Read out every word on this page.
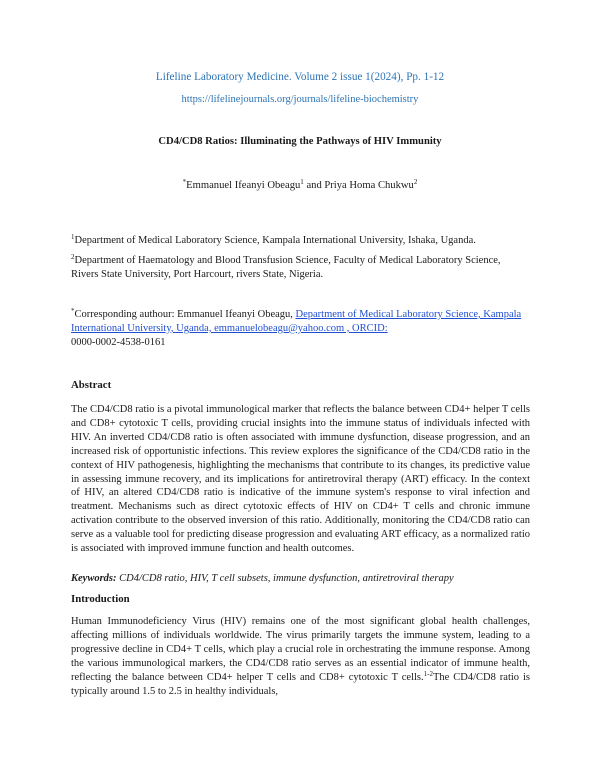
Lifeline Laboratory Medicine. Volume 2 issue 1(2024), Pp. 1-12
https://lifelinejournals.org/journals/lifeline-biochemistry
CD4/CD8 Ratios: Illuminating the Pathways of HIV Immunity
*Emmanuel Ifeanyi Obeagu$^1$ and Priya Homa Chukwu$^2$
$^1$Department of Medical Laboratory Science, Kampala International University, Ishaka, Uganda.
$^2$Department of Haematology and Blood Transfusion Science, Faculty of Medical Laboratory Science, Rivers State University, Port Harcourt, rivers State, Nigeria.
*Corresponding authour: Emmanuel Ifeanyi Obeagu, Department of Medical Laboratory Science, Kampala International University, Uganda, emmanuelobeagu@yahoo.com , ORCID:
0000-0002-4538-0161
Abstract

The CD4/CD8 ratio is a pivotal immunological marker that reflects the balance between CD4+ helper T cells and CD8+ cytotoxic T cells, providing crucial insights into the immune status of individuals infected with HIV. An inverted CD4/CD8 ratio is often associated with immune dysfunction, disease progression, and an increased risk of opportunistic infections. This review explores the significance of the CD4/CD8 ratio in the context of HIV pathogenesis, highlighting the mechanisms that contribute to its changes, its predictive value in assessing immune recovery, and its implications for antiretroviral therapy (ART) efficacy. In the context of HIV, an altered CD4/CD8 ratio is indicative of the immune system's response to viral infection and treatment. Mechanisms such as direct cytotoxic effects of HIV on CD4+ T cells and chronic immune activation contribute to the observed inversion of this ratio. Additionally, monitoring the CD4/CD8 ratio can serve as a valuable tool for predicting disease progression and evaluating ART efficacy, as a normalized ratio is associated with improved immune function and health outcomes.

Keywords: CD4/CD8 ratio, HIV, T cell subsets, immune dysfunction, antiretroviral therapy
Introduction

Human Immunodeficiency Virus (HIV) remains one of the most significant global health challenges, affecting millions of individuals worldwide. The virus primarily targets the immune system, leading to a progressive decline in CD4+ T cells, which play a crucial role in orchestrating the immune response. Among the various immunological markers, the CD4/CD8 ratio serves as an essential indicator of immune health, reflecting the balance between CD4+ helper T cells and CD8+ cytotoxic T cells.$^{1-2}$The CD4/CD8 ratio is typically around 1.5 to 2.5 in healthy individuals,
